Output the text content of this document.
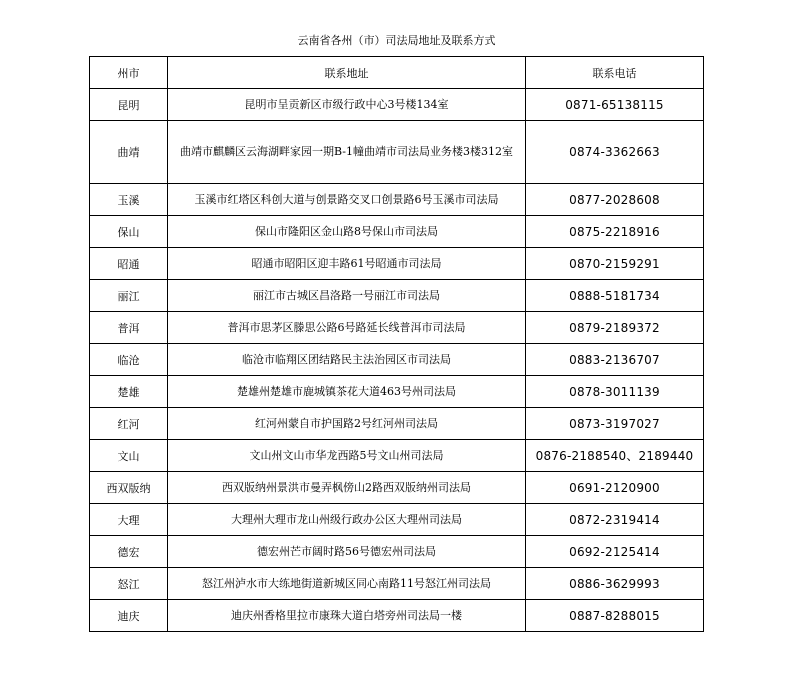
云南省各州（市）司法局地址及联系方式
州市	联系地址	联系电话
昆明	昆明市呈贡新区市级行政中心3号楼134室	0871-65138115
曲靖	曲靖市麒麟区云海湖畔家园一期B-1幢曲靖市司法局业务楼3楼312室	0874-3362663
玉溪	玉溪市红塔区科创大道与创景路交叉口创景路6号玉溪市司法局	0877-2028608
保山	保山市隆阳区金山路8号保山市司法局	0875-2218916
昭通	昭通市昭阳区迎丰路61号昭通市司法局	0870-2159291
丽江	丽江市古城区昌洛路一号丽江市司法局	0888-5181734
普洱	普洱市思茅区滕思公路6号路延长线普洱市司法局	0879-2189372
临沧	临沧市临翔区团结路民主法治园区市司法局	0883-2136707
楚雄	楚雄州楚雄市鹿城镇茶花大道463号州司法局	0878-3011139
红河	红河州蒙自市护国路2号红河州司法局	0873-3197027
文山	文山州文山市华龙西路5号文山州司法局	0876-2188540、2189440
西双版纳	西双版纳州景洪市曼弄枫傍山2路西双版纳州司法局	0691-2120900
大理	大理州大理市龙山州级行政办公区大理州司法局	0872-2319414
德宏	德宏州芒市阔时路56号德宏州司法局	0692-2125414
怒江	怒江州泸水市大练地街道新城区同心南路11号怒江州司法局	0886-3629993
迪庆	迪庆州香格里拉市康珠大道白塔旁州司法局一楼	0887-8288015
